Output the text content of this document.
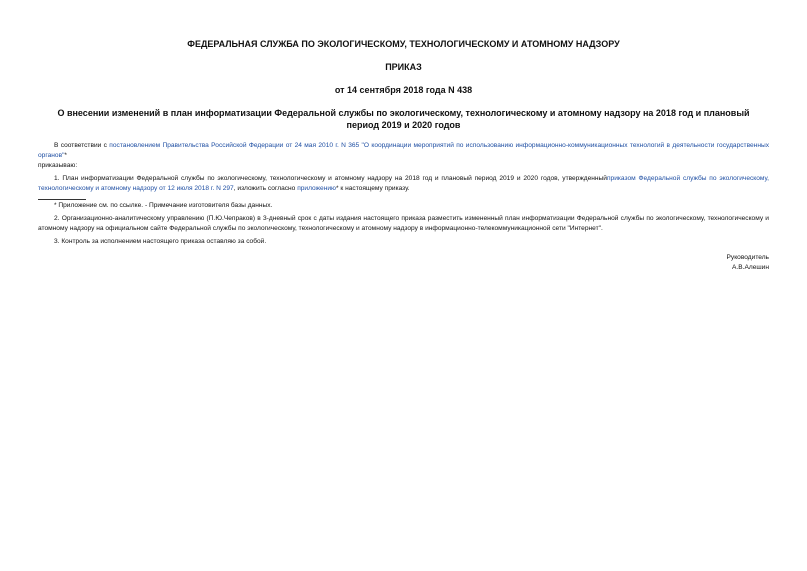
ФЕДЕРАЛЬНАЯ СЛУЖБА ПО ЭКОЛОГИЧЕСКОМУ, ТЕХНОЛОГИЧЕСКОМУ И АТОМНОМУ НАДЗОРУ
ПРИКАЗ
от 14 сентября 2018 года N 438
О внесении изменений в план информатизации Федеральной службы по экологическому, технологическому и атомному надзору на 2018 год и плановый период 2019 и 2020 годов

В соответствии с постановлением Правительства Российской Федерации от 24 мая 2010 г. N 365 "О координации мероприятий по использованию информационно-коммуникационных технологий в деятельности государственных органов"*

приказываю:

1. План информатизации Федеральной службы по экологическому, технологическому и атомному надзору на 2018 год и плановый период 2019 и 2020 годов, утвержденныйприказом Федеральной службы по экологическому, технологическому и атомному надзору от 12 июля 2018 г. N 297, изложить согласно приложению* к настоящему приказу.

* Приложение см. по ссылке. - Примечание изготовителя базы данных.

2. Организационно-аналитическому управлению (П.Ю.Чепраков) в 3-дневный срок с даты издания настоящего приказа разместить измененный план информатизации Федеральной службы по экологическому, технологическому и атомному надзору на официальном сайте Федеральной службы по экологическому, технологическому и атомному надзору в информационно-телекоммуникационной сети "Интернет".

3. Контроль за исполнением настоящего приказа оставляю за собой.

Руководитель
А.В.Алешин
